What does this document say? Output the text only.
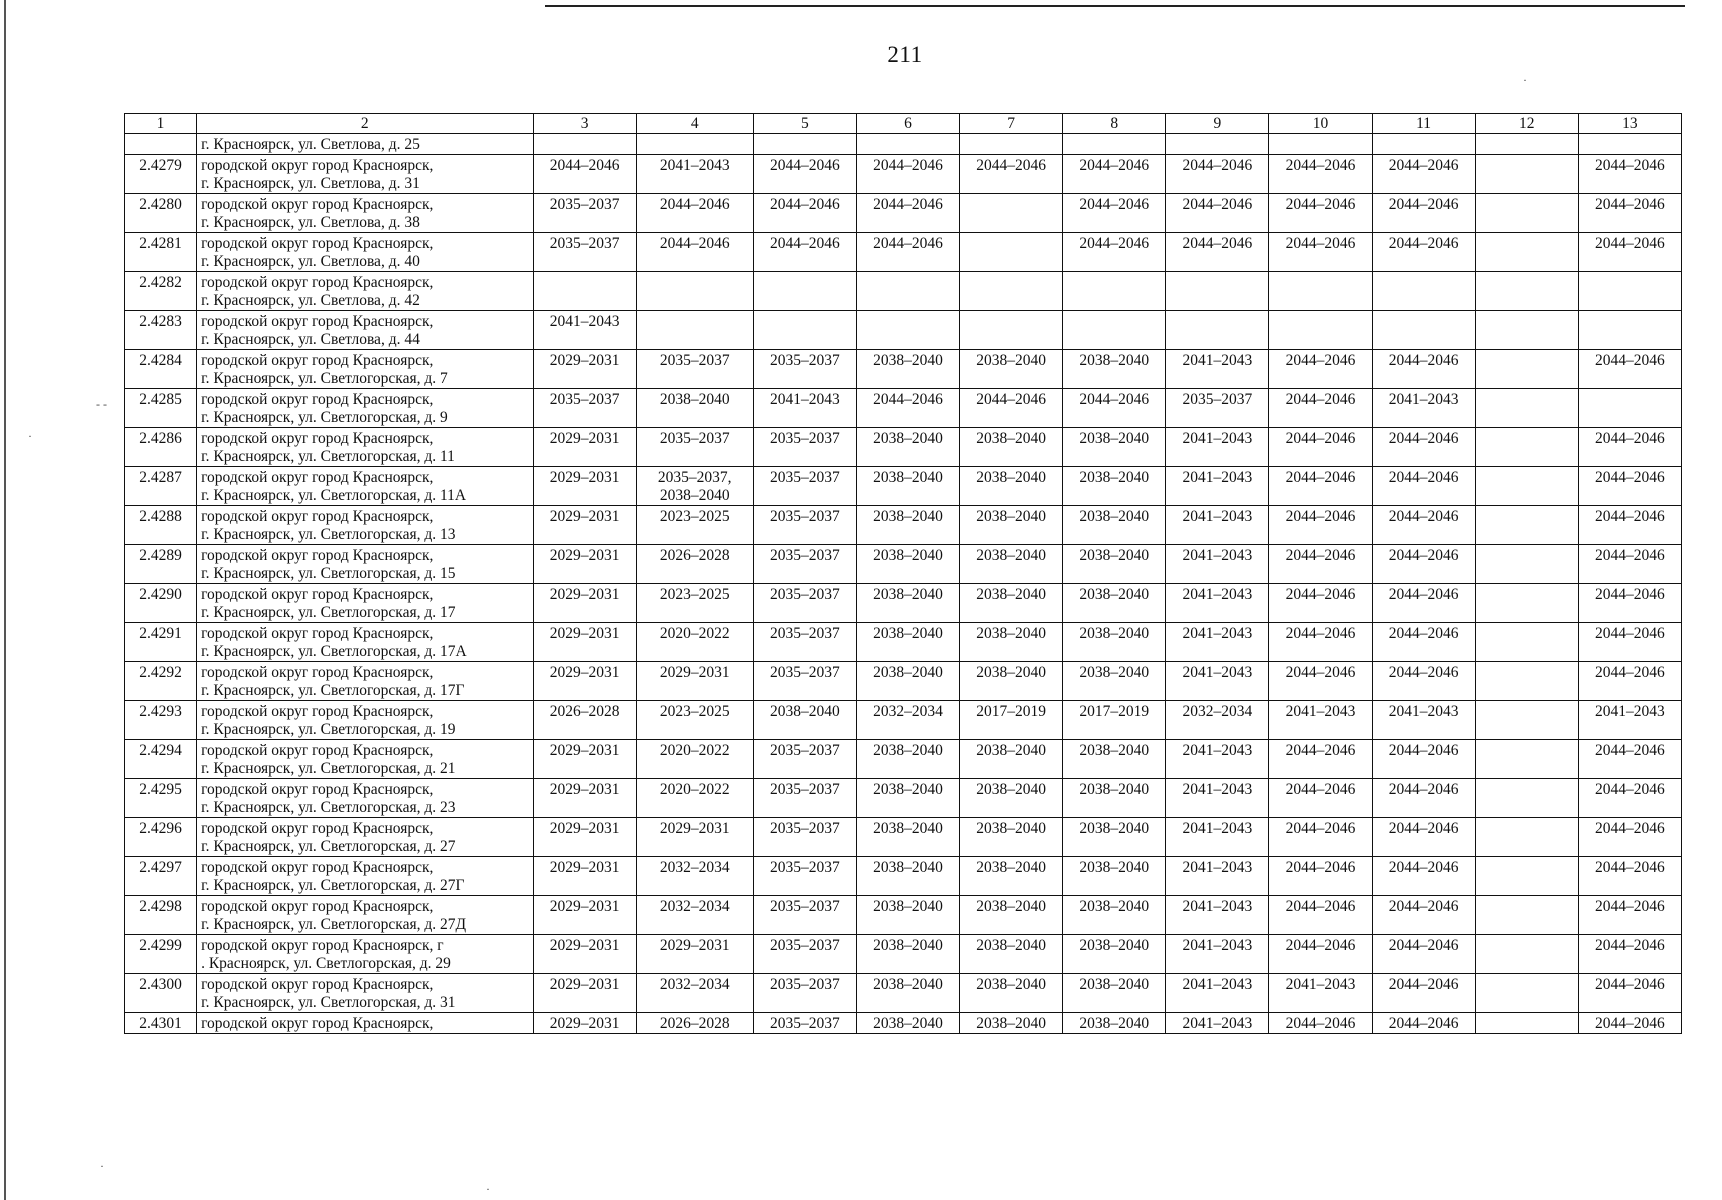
211
·
- -
·
·
·
1	2	3	4	5	6	7	8	9	10	11	12	13
	г. Красноярск, ул. Светлова, д. 25											
2.4279	городской округ город Красноярск,
г. Красноярск, ул. Светлова, д. 31	2044–2046	2041–2043	2044–2046	2044–2046	2044–2046	2044–2046	2044–2046	2044–2046	2044–2046		2044–2046

2.4280	городской округ город Красноярск,
г. Красноярск, ул. Светлова, д. 38	2035–2037	2044–2046	2044–2046	2044–2046		2044–2046	2044–2046	2044–2046	2044–2046		2044–2046

2.4281	городской округ город Красноярск,
г. Красноярск, ул. Светлова, д. 40	2035–2037	2044–2046	2044–2046	2044–2046		2044–2046	2044–2046	2044–2046	2044–2046		2044–2046

2.4282	городской округ город Красноярск,
г. Красноярск, ул. Светлова, д. 42											

2.4283	городской округ город Красноярск,
г. Красноярск, ул. Светлова, д. 44	2041–2043										

2.4284	городской округ город Красноярск,
г. Красноярск, ул. Светлогорская, д. 7	2029–2031	2035–2037	2035–2037	2038–2040	2038–2040	2038–2040	2041–2043	2044–2046	2044–2046		2044–2046

2.4285	городской округ город Красноярск,
г. Красноярск, ул. Светлогорская, д. 9	2035–2037	2038–2040	2041–2043	2044–2046	2044–2046	2044–2046	2035–2037	2044–2046	2041–2043		

2.4286	городской округ город Красноярск,
г. Красноярск, ул. Светлогорская, д. 11	2029–2031	2035–2037	2035–2037	2038–2040	2038–2040	2038–2040	2041–2043	2044–2046	2044–2046		2044–2046

2.4287	городской округ город Красноярск,
г. Красноярск, ул. Светлогорская, д. 11А	2029–2031	2035–2037,
2038–2040	2035–2037	2038–2040	2038–2040	2038–2040	2041–2043	2044–2046	2044–2046		2044–2046

2.4288	городской округ город Красноярск,
г. Красноярск, ул. Светлогорская, д. 13	2029–2031	2023–2025	2035–2037	2038–2040	2038–2040	2038–2040	2041–2043	2044–2046	2044–2046		2044–2046

2.4289	городской округ город Красноярск,
г. Красноярск, ул. Светлогорская, д. 15	2029–2031	2026–2028	2035–2037	2038–2040	2038–2040	2038–2040	2041–2043	2044–2046	2044–2046		2044–2046

2.4290	городской округ город Красноярск,
г. Красноярск, ул. Светлогорская, д. 17	2029–2031	2023–2025	2035–2037	2038–2040	2038–2040	2038–2040	2041–2043	2044–2046	2044–2046		2044–2046

2.4291	городской округ город Красноярск,
г. Красноярск, ул. Светлогорская, д. 17А	2029–2031	2020–2022	2035–2037	2038–2040	2038–2040	2038–2040	2041–2043	2044–2046	2044–2046		2044–2046

2.4292	городской округ город Красноярск,
г. Красноярск, ул. Светлогорская, д. 17Г	2029–2031	2029–2031	2035–2037	2038–2040	2038–2040	2038–2040	2041–2043	2044–2046	2044–2046		2044–2046

2.4293	городской округ город Красноярск,
г. Красноярск, ул. Светлогорская, д. 19	2026–2028	2023–2025	2038–2040	2032–2034	2017–2019	2017–2019	2032–2034	2041–2043	2041–2043		2041–2043

2.4294	городской округ город Красноярск,
г. Красноярск, ул. Светлогорская, д. 21	2029–2031	2020–2022	2035–2037	2038–2040	2038–2040	2038–2040	2041–2043	2044–2046	2044–2046		2044–2046

2.4295	городской округ город Красноярск,
г. Красноярск, ул. Светлогорская, д. 23	2029–2031	2020–2022	2035–2037	2038–2040	2038–2040	2038–2040	2041–2043	2044–2046	2044–2046		2044–2046

2.4296	городской округ город Красноярск,
г. Красноярск, ул. Светлогорская, д. 27	2029–2031	2029–2031	2035–2037	2038–2040	2038–2040	2038–2040	2041–2043	2044–2046	2044–2046		2044–2046

2.4297	городской округ город Красноярск,
г. Красноярск, ул. Светлогорская, д. 27Г	2029–2031	2032–2034	2035–2037	2038–2040	2038–2040	2038–2040	2041–2043	2044–2046	2044–2046		2044–2046

2.4298	городской округ город Красноярск,
г. Красноярск, ул. Светлогорская, д. 27Д	2029–2031	2032–2034	2035–2037	2038–2040	2038–2040	2038–2040	2041–2043	2044–2046	2044–2046		2044–2046

2.4299	городской округ город Красноярск, г
. Красноярск, ул. Светлогорская, д. 29	2029–2031	2029–2031	2035–2037	2038–2040	2038–2040	2038–2040	2041–2043	2044–2046	2044–2046		2044–2046

2.4300	городской округ город Красноярск,
г. Красноярск, ул. Светлогорская, д. 31	2029–2031	2032–2034	2035–2037	2038–2040	2038–2040	2038–2040	2041–2043	2041–2043	2044–2046		2044–2046

2.4301	городской округ город Красноярск,	2029–2031	2026–2028	2035–2037	2038–2040	2038–2040	2038–2040	2041–2043	2044–2046	2044–2046		2044–2046
